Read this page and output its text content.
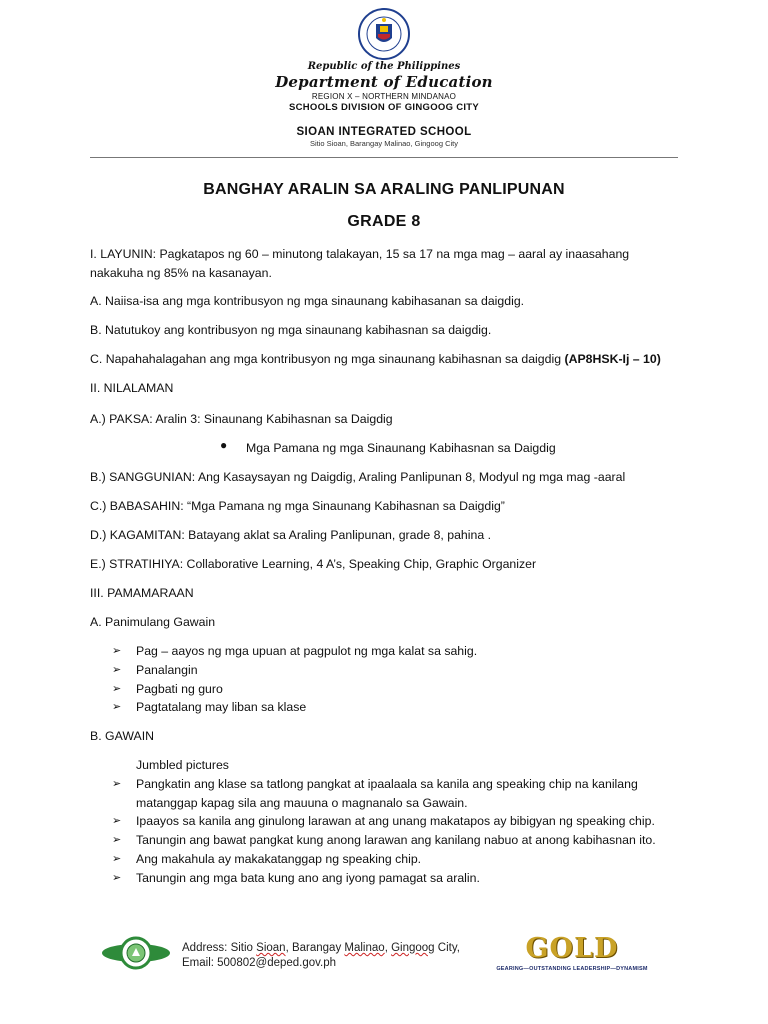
Republic of the Philippines
Department of Education
REGION X – NORTHERN MINDANAO
SCHOOLS DIVISION OF GINGOOG CITY
SIOAN INTEGRATED SCHOOL
Sitio Sioan, Barangay Malinao, Gingoog City
BANGHAY ARALIN SA ARALING PANLIPUNAN
GRADE 8
I. LAYUNIN: Pagkatapos ng 60 – minutong talakayan, 15 sa 17 na mga mag – aaral ay inaasahang
nakakuha ng 85% na kasanayan.
A. Naiisa-isa ang mga kontribusyon ng mga sinaunang kabihasanan sa daigdig.
B. Natutukoy ang kontribusyon ng mga sinaunang kabihasnan sa daigdig.
C. Napahahalagahan ang mga kontribusyon ng mga sinaunang kabihasnan sa daigdig (AP8HSK-Ij – 10)
II. NILALAMAN
A.) PAKSA: Aralin 3: Sinaunang Kabihasnan sa Daigdig
● Mga Pamana ng mga Sinaunang Kabihasnan sa Daigdig
B.) SANGGUNIAN: Ang Kasaysayan ng Daigdig, Araling Panlipunan 8, Modyul ng mga mag -aaral
C.) BABASAHIN: “Mga Pamana ng mga Sinaunang Kabihasnan sa Daigdig”
D.) KAGAMITAN: Batayang aklat sa Araling Panlipunan, grade 8, pahina .
E.) STRATIHIYA: Collaborative Learning, 4 A’s, Speaking Chip, Graphic Organizer
III. PAMAMARAAN
A. Panimulang Gawain
➢ Pag – aayos ng mga upuan at pagpulot ng mga kalat sa sahig.
➢ Panalangin
➢ Pagbati ng guro
➢ Pagtatalang may liban sa klase
B. GAWAIN
Jumbled pictures
➢ Pangkatin ang klase sa tatlong pangkat at ipaalaala sa kanila ang speaking chip na kanilang matanggap kapag sila ang mauuna o magnanalo sa Gawain.
➢ Ipaayos sa kanila ang ginulong larawan at ang unang makatapos ay bibigyan ng speaking chip.
➢ Tanungin ang bawat pangkat kung anong larawan ang kanilang nabuo at anong kabihasnan ito.
➢ Ang makahula ay makakatanggap ng speaking chip.
➢ Tanungin ang mga bata kung ano ang iyong pamagat sa aralin.
Address: Sitio Sioan, Barangay Malinao, Gingoog City,
Email: 500802@deped.gov.ph	GOLD
GEARING—OUTSTANDING LEADERSHIP—DYNAMISM
